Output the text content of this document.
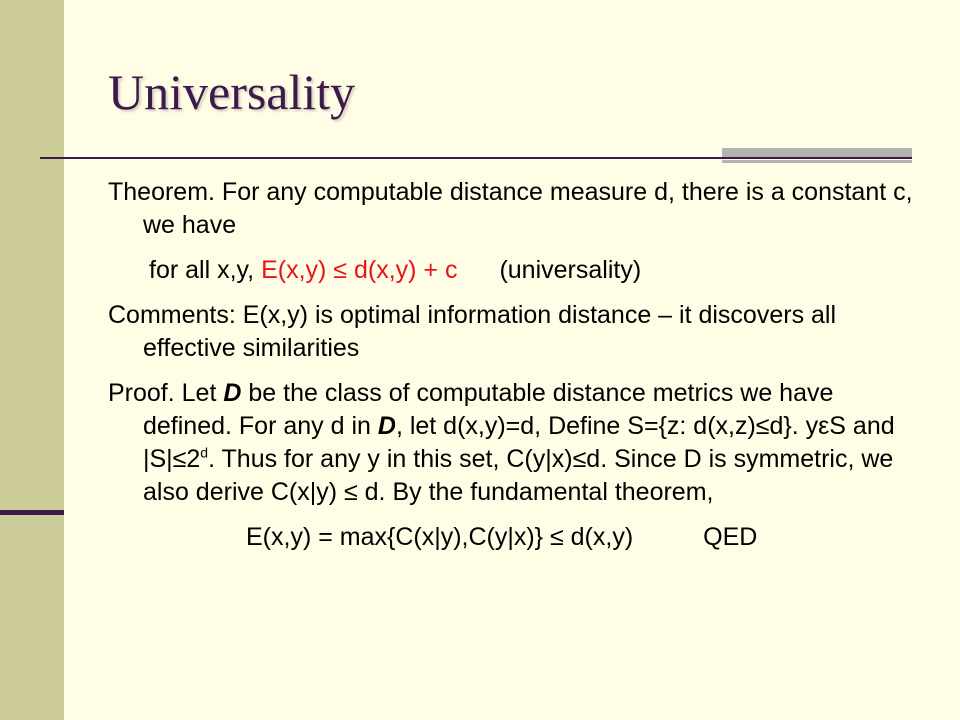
Universality

Theorem. For any computable distance measure d, there is a constant c, we have

for all x,y, E(x,y) ≤ d(x,y) + c (universality)

Comments: E(x,y) is optimal information distance – it discovers all effective similarities

Proof. Let D be the class of computable distance metrics we have defined. For any d in D, let d(x,y)=d, Define S={z: d(x,z)≤d}. yεS and $|S|\le 2^d$. Thus for any y in this set, C(y|x)≤d. Since D is symmetric, we also derive C(x|y) ≤ d. By the fundamental theorem,

E(x,y) = max{C(x|y),C(y|x)} ≤ d(x,y)	QED
